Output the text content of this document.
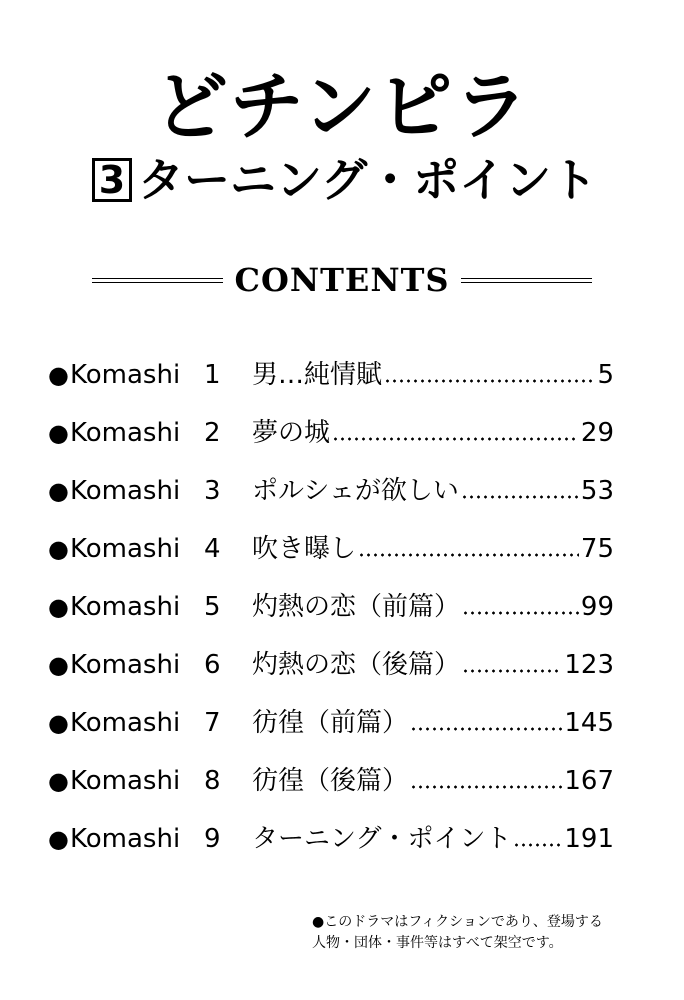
どチンピラ
3 ターニング・ポイント
CONTENTS
● Komashi 1 男…純情賦	5
● Komashi 2 夢の城	29
● Komashi 3 ポルシェが欲しい	53
● Komashi 4 吹き曝し	75
● Komashi 5 灼熱の恋（前篇）	99
● Komashi 6 灼熱の恋（後篇）	123
● Komashi 7 彷徨（前篇）	145
● Komashi 8 彷徨（後篇）	167
● Komashi 9 ターニング・ポイント 191

●このドラマはフィクションであり、登場する

人物・団体・事件等はすべて架空です。
